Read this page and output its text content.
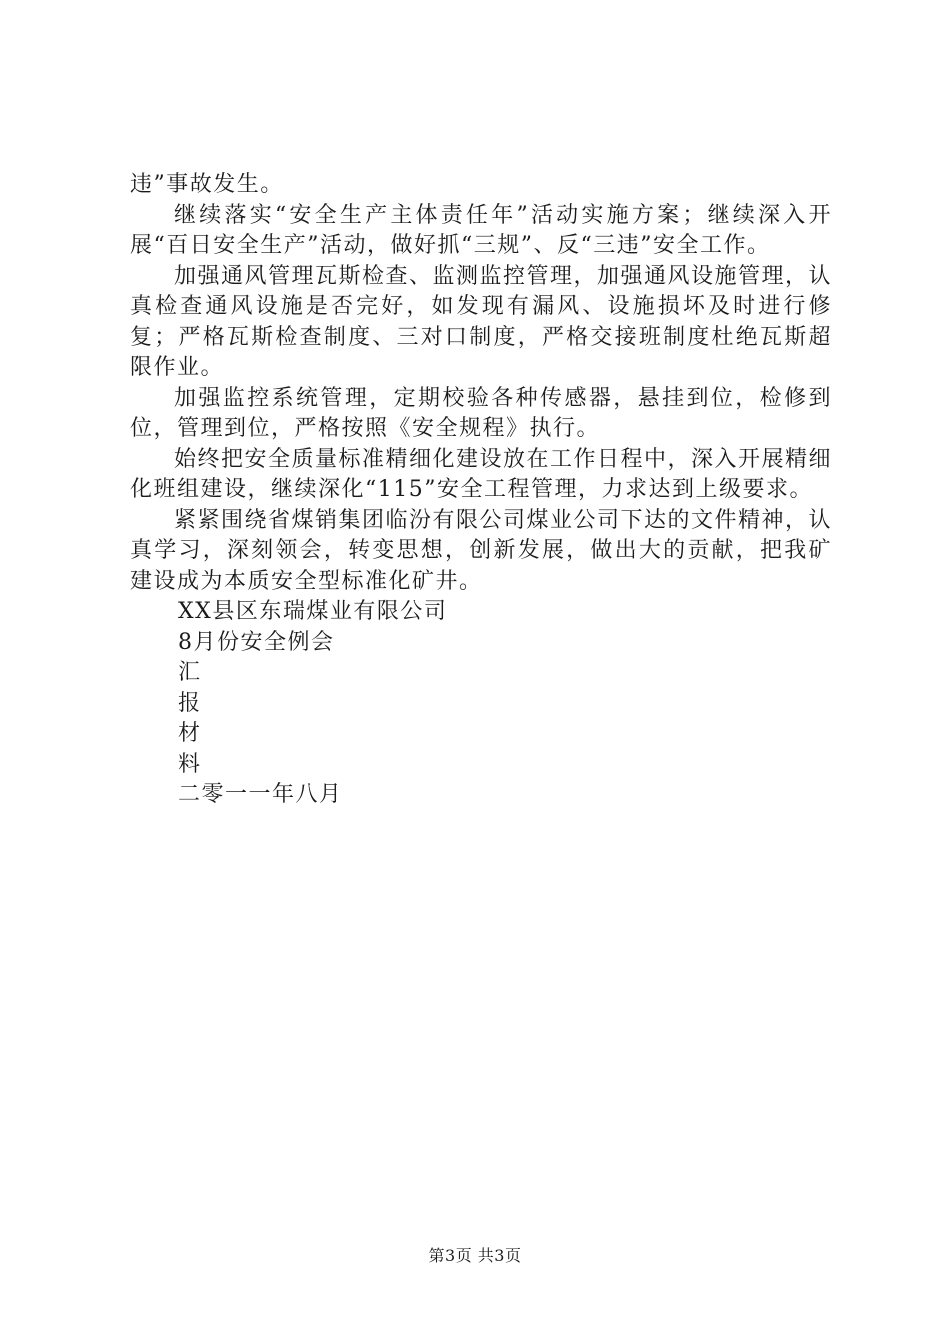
违”事故发生。

继续落实“安全生产主体责任年”活动实施方案；继续深入开展“百日安全生产”活动，做好抓“三规”、反“三违”安全工作。

加强通风管理瓦斯检查、监测监控管理，加强通风设施管理，认真检查通风设施是否完好，如发现有漏风、设施损坏及时进行修复；严格瓦斯检查制度、三对口制度，严格交接班制度杜绝瓦斯超限作业。

加强监控系统管理，定期校验各种传感器，悬挂到位，检修到位，管理到位，严格按照《安全规程》执行。

始终把安全质量标准精细化建设放在工作日程中，深入开展精细化班组建设，继续深化“115”安全工程管理，力求达到上级要求。

紧紧围绕省煤销集团临汾有限公司煤业公司下达的文件精神，认真学习，深刻领会，转变思想，创新发展，做出大的贡献，把我矿建设成为本质安全型标准化矿井。

XX县区东瑞煤业有限公司

8月份安全例会

汇

报

材

料

二零一一年八月

第3页 共3页
